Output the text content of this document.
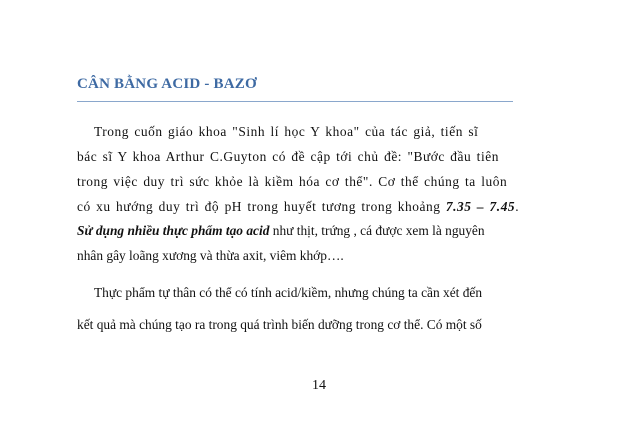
CÂN BẰNG ACID - BAZƠ
Trong cuốn giáo khoa "Sinh lí học Y khoa" của tác giả, tiến sĩ
bác sĩ Y khoa Arthur C.Guyton có đề cập tới chủ đề: "Bước đầu tiên
trong việc duy trì sức khỏe là kiềm hóa cơ thể". Cơ thể chúng ta luôn
có xu hướng duy trì độ pH trong huyết tương trong khoảng 7.35 – 7.45.
Sử dụng nhiều thực phẩm tạo acid như thịt, trứng , cá được xem là nguyên
nhân gây loãng xương và thừa axit, viêm khớp….
Thực phẩm tự thân có thể có tính acid/kiềm, nhưng chúng ta cần xét đến
kết quả mà chúng tạo ra trong quá trình biến dưỡng trong cơ thể. Có một số
14
